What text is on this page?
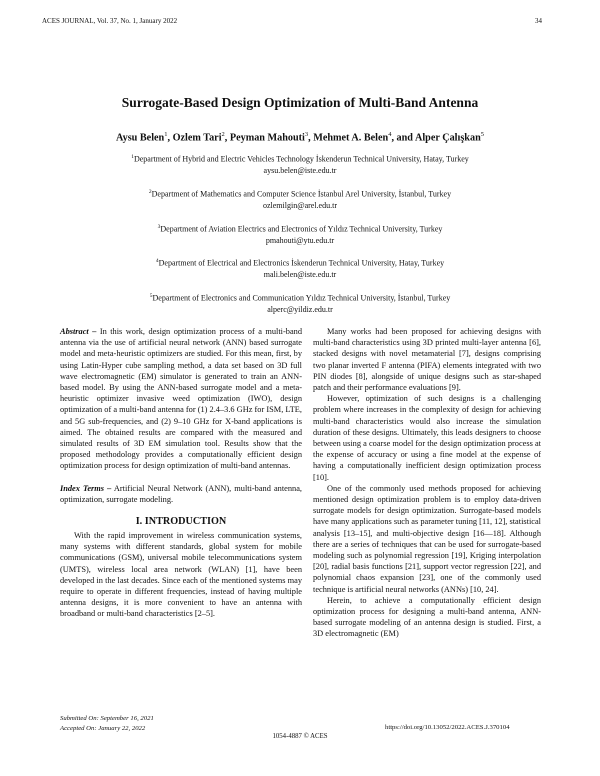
ACES JOURNAL, Vol. 37, No. 1, January 2022	34
Surrogate-Based Design Optimization of Multi-Band Antenna
Aysu Belen$^1$, Ozlem Tari$^2$, Peyman Mahouti$^3$, Mehmet A. Belen$^4$, and Alper Çalışkan$^5$
$^1$Department of Hybrid and Electric Vehicles Technology İskenderun Technical University, Hatay, Turkey
aysu.belen@iste.edu.tr
$^2$Department of Mathematics and Computer Science İstanbul Arel University, İstanbul, Turkey
ozlemilgin@arel.edu.tr
$^3$Department of Aviation Electrics and Electronics of Yıldız Technical University, Turkey
pmahouti@ytu.edu.tr
$^4$Department of Electrical and Electronics İskenderun Technical University, Hatay, Turkey
mali.belen@iste.edu.tr
$^5$Department of Electronics and Communication Yıldız Technical University, İstanbul, Turkey
alperc@yildiz.edu.tr

Abstract – In this work, design optimization process of a multi-band antenna via the use of artificial neural network (ANN) based surrogate model and meta-heuristic optimizers are studied. For this mean, first, by using Latin-Hyper cube sampling method, a data set based on 3D full wave electromagnetic (EM) simulator is generated to train an ANN-based model. By using the ANN-based surrogate model and a meta-heuristic optimizer invasive weed optimization (IWO), design optimization of a multi-band antenna for (1) 2.4–3.6 GHz for ISM, LTE, and 5G sub-frequencies, and (2) 9–10 GHz for X-band applications is aimed. The obtained results are compared with the measured and simulated results of 3D EM simulation tool. Results show that the proposed methodology provides a computationally efficient design optimization process for design optimization of multi-band antennas.

Index Terms – Artificial Neural Network (ANN), multi-band antenna, optimization, surrogate modeling.

I. INTRODUCTION

With the rapid improvement in wireless communication systems, many systems with different standards, global system for mobile communications (GSM), universal mobile telecommunications system (UMTS), wireless local area network (WLAN) [1], have been developed in the last decades. Since each of the mentioned systems may require to operate in different frequencies, instead of having multiple antenna designs, it is more convenient to have an antenna with broadband or multi-band characteristics [2–5].

Many works had been proposed for achieving designs with multi-band characteristics using 3D printed multi-layer antenna [6], stacked designs with novel metamaterial [7], designs comprising two planar inverted F antenna (PIFA) elements integrated with two PIN diodes [8], alongside of unique designs such as star-shaped patch and their performance evaluations [9].

However, optimization of such designs is a challenging problem where increases in the complexity of design for achieving multi-band characteristics would also increase the simulation duration of these designs. Ultimately, this leads designers to choose between using a coarse model for the design optimization process at the expense of accuracy or using a fine model at the expense of having a computationally inefficient design optimization process [10].

One of the commonly used methods proposed for achieving mentioned design optimization problem is to employ data-driven surrogate models for design optimization. Surrogate-based models have many applications such as parameter tuning [11, 12], statistical analysis [13–15], and multi-objective design [16—18]. Although there are a series of techniques that can be used for surrogate-based modeling such as polynomial regression [19], Kriging interpolation [20], radial basis functions [21], support vector regression [22], and polynomial chaos expansion [23], one of the commonly used technique is artificial neural networks (ANNs) [10, 24].

Herein, to achieve a computationally efficient design optimization process for designing a multi-band antenna, ANN-based surrogate modeling of an antenna design is studied. First, a 3D electromagnetic (EM)

Submitted On: September 16, 2021
Accepted On: January 22, 2022
1054-4887 © ACES
https://doi.org/10.13052/2022.ACES.J.370104
